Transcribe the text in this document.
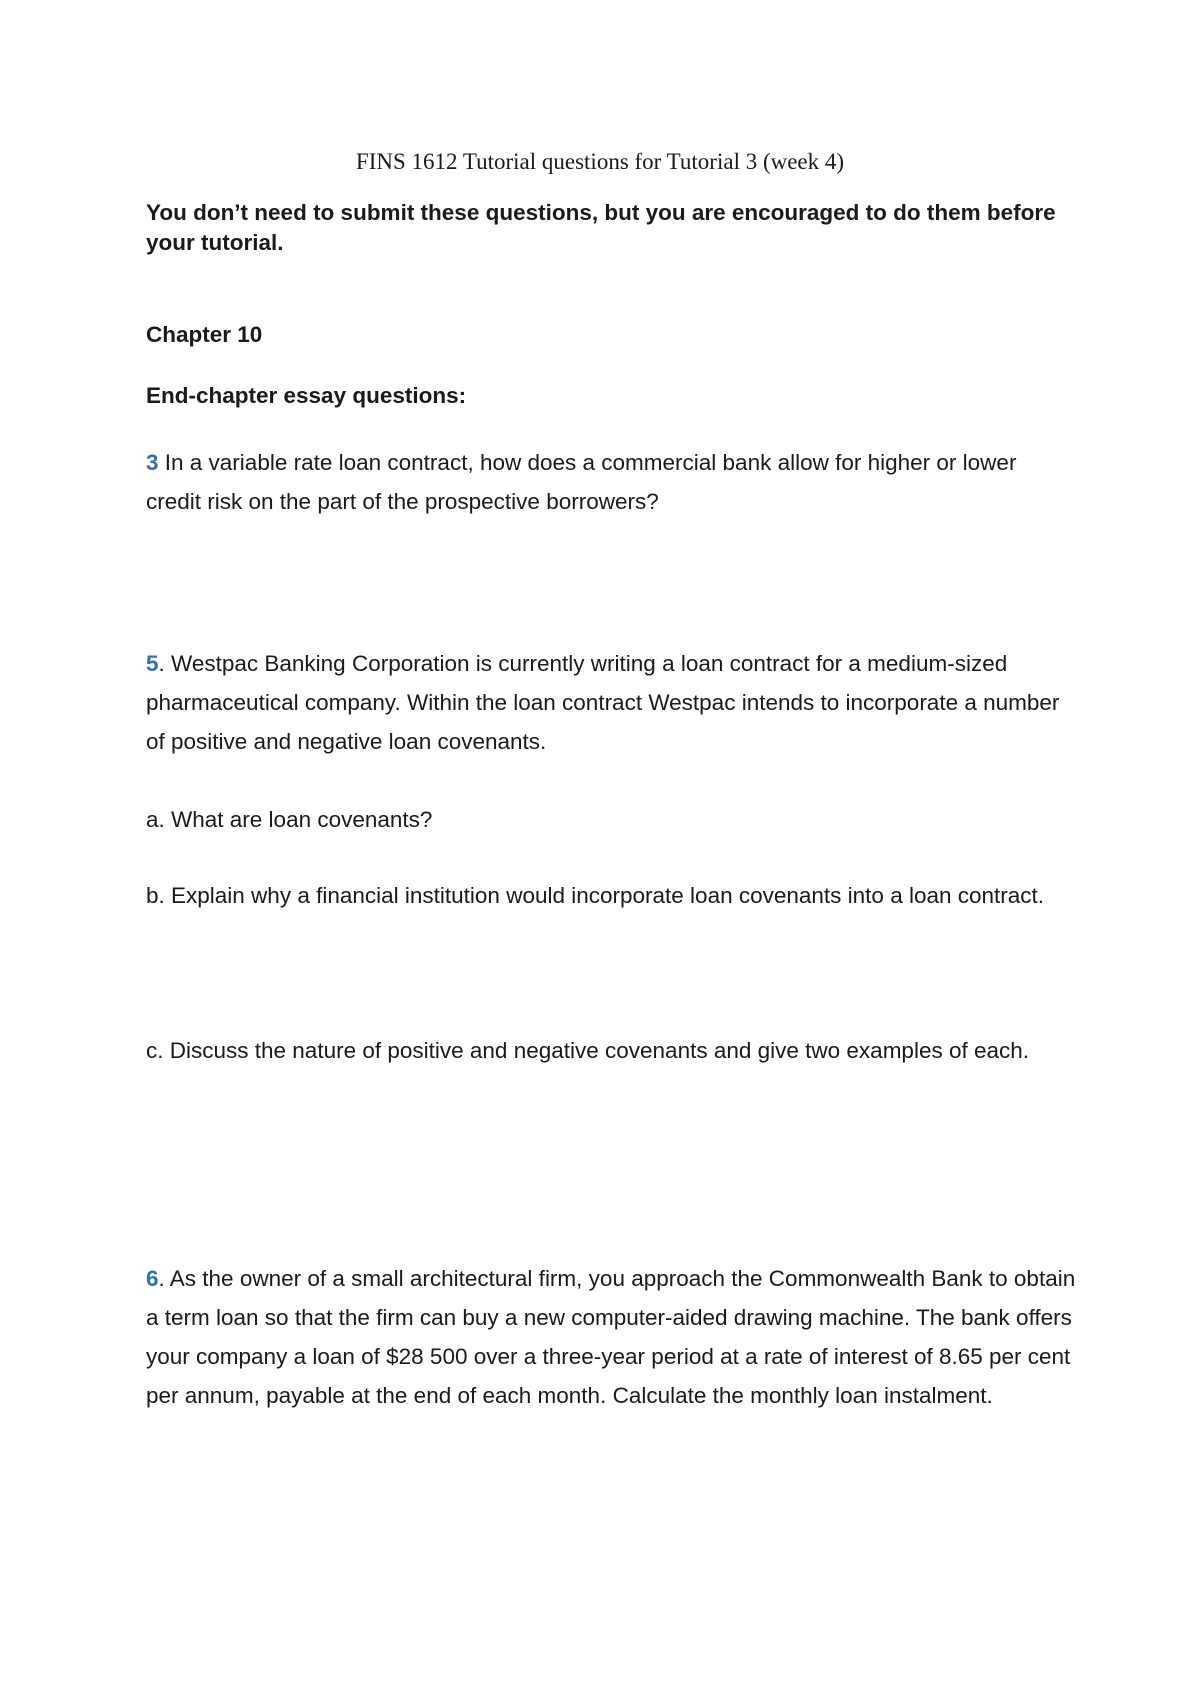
FINS 1612 Tutorial questions for Tutorial 3 (week 4)
You don’t need to submit these questions, but you are encouraged to do them before your tutorial.
Chapter 10
End-chapter essay questions:
3 In a variable rate loan contract, how does a commercial bank allow for higher or lower credit risk on the part of the prospective borrowers?
5. Westpac Banking Corporation is currently writing a loan contract for a medium-sized pharmaceutical company. Within the loan contract Westpac intends to incorporate a number of positive and negative loan covenants.
a. What are loan covenants?
b. Explain why a financial institution would incorporate loan covenants into a loan contract.
c. Discuss the nature of positive and negative covenants and give two examples of each.
6. As the owner of a small architectural firm, you approach the Commonwealth Bank to obtain a term loan so that the firm can buy a new computer-aided drawing machine. The bank offers your company a loan of $28 500 over a three-year period at a rate of interest of 8.65 per cent per annum, payable at the end of each month. Calculate the monthly loan instalment.
